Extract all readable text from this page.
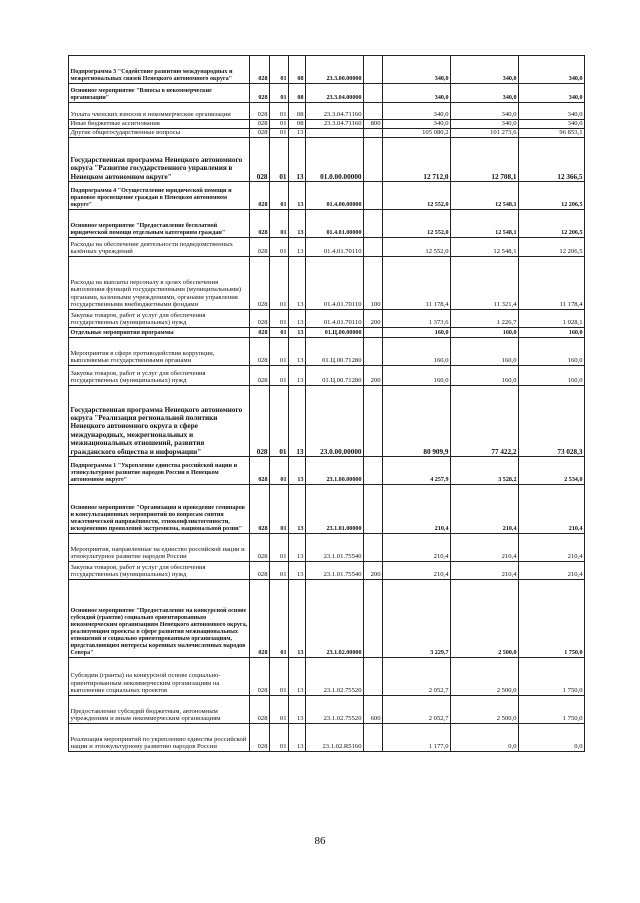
Подпрограмма 3 "Содействие развитию международных и межрегиональных связей Ненецкого автономного округа"	028	01	08	23.3.00.00000		340,0	340,0	340,0
Основное мероприятие "Взносы в некоммерческие организации"	028	01	08	23.3.04.00000		340,0	340,0	340,0
Уплата членских взносов в некоммерческие организации	028	01	08	23.3.04.71160		340,0	340,0	340,0
Иные бюджетные ассигнования	028	01	08	23.3.04.71160	800	340,0	340,0	340,0
Другие общегосударственные вопросы	028	01	13			105 080,2	101 273,6	96 853,1
Государственная программа Ненецкого автономного округа "Развитие государственного управления в Ненецком автономном округе"	028	01	13	01.0.00.00000		12 712,0	12 708,1	12 366,5
Подпрограмма 4 "Осуществление юридической помощи и правовое просвещение граждан в Ненецком автономном округе"	028	01	13	01.4.00.00000		12 552,0	12 548,1	12 206,5
Основное мероприятие "Предоставление бесплатной юридической помощи отдельным категориям граждан"	028	01	13	01.4.01.00000		12 552,0	12 548,1	12 206,5
Расходы на обеспечение деятельности подведомственных казённых учреждений	028	01	13	01.4.01.70110		12 552,0	12 548,1	12 206,5
Расходы на выплаты персоналу в целях обеспечения выполнения функций государственными (муниципальными) органами, казенными учреждениями, органами управления государственными внебюджетными фондами	028	01	13	01.4.01.70110	100	11 178,4	11 321,4	11 178,4
Закупка товаров, работ и услуг для обеспечения государственных (муниципальных) нужд	028	01	13	01.4.01.70110	200	1 373,6	1 226,7	1 028,1
Отдельные мероприятия программы	028	01	13	01.Ц.00.00000		160,0	160,0	160,0
Мероприятия в сфере противодействия коррупции, выполняемые государственными органами	028	01	13	01.Ц.00.71280		160,0	160,0	160,0
Закупка товаров, работ и услуг для обеспечения государственных (муниципальных) нужд	028	01	13	01.Ц.00.71280	200	160,0	160,0	160,0
Государственная программа Ненецкого автономного округа "Реализация региональной политики Ненецкого автономного округа в сфере международных, межрегиональных и межнациональных отношений, развития гражданского общества и информации"	028	01	13	23.0.00.00000		80 909,9	77 422,2	73 028,3
Подпрограмма 1 "Укрепление единства российской нации и этнокультурное развитие народов России в Ненецком автономном округе"	028	01	13	23.1.00.00000		4 257,9	3 528,2	2 534,0
Основное мероприятие "Организация и проведение семинаров и консультационных мероприятий по вопросам снятия межэтнической напряжённости, этноконфликтогенности, искоренению проявлений экстремизма, национальной розни"	028	01	13	23.1.01.00000		210,4	210,4	210,4
Мероприятия, направленные на единство российской нации и этнокультурное развитие народов России	028	01	13	23.1.01.75540		210,4	210,4	210,4
Закупка товаров, работ и услуг для обеспечения государственных (муниципальных) нужд	028	01	13	23.1.01.75540	200	210,4	210,4	210,4
Основное мероприятие "Предоставление на конкурсной основе субсидий (грантов) социально ориентированным некоммерческим организациям Ненецкого автономного округа, реализующим проекты в сфере развития межнациональных отношений и социально ориентированным организациям, представляющим интересы коренных малочисленных народов Севера"	028	01	13	23.1.02.00000		3 229,7	2 500,0	1 750,0
Субсидии (гранты) на конкурсной основе социально-ориентированным некоммерческим организациям на выполнение социальных проектов	028	01	13	23.1.02.75520		2 052,7	2 500,0	1 750,0
Предоставление субсидий бюджетным, автономным учреждениям и иным некоммерческим организациям	028	01	13	23.1.02.75520	600	2 052,7	2 500,0	1 750,0
Реализация мероприятий по укреплению единства российской нации и этнокультурному развитию народов России	028	01	13	23.1.02.R5160		1 177,0	0,0	0,0
86
